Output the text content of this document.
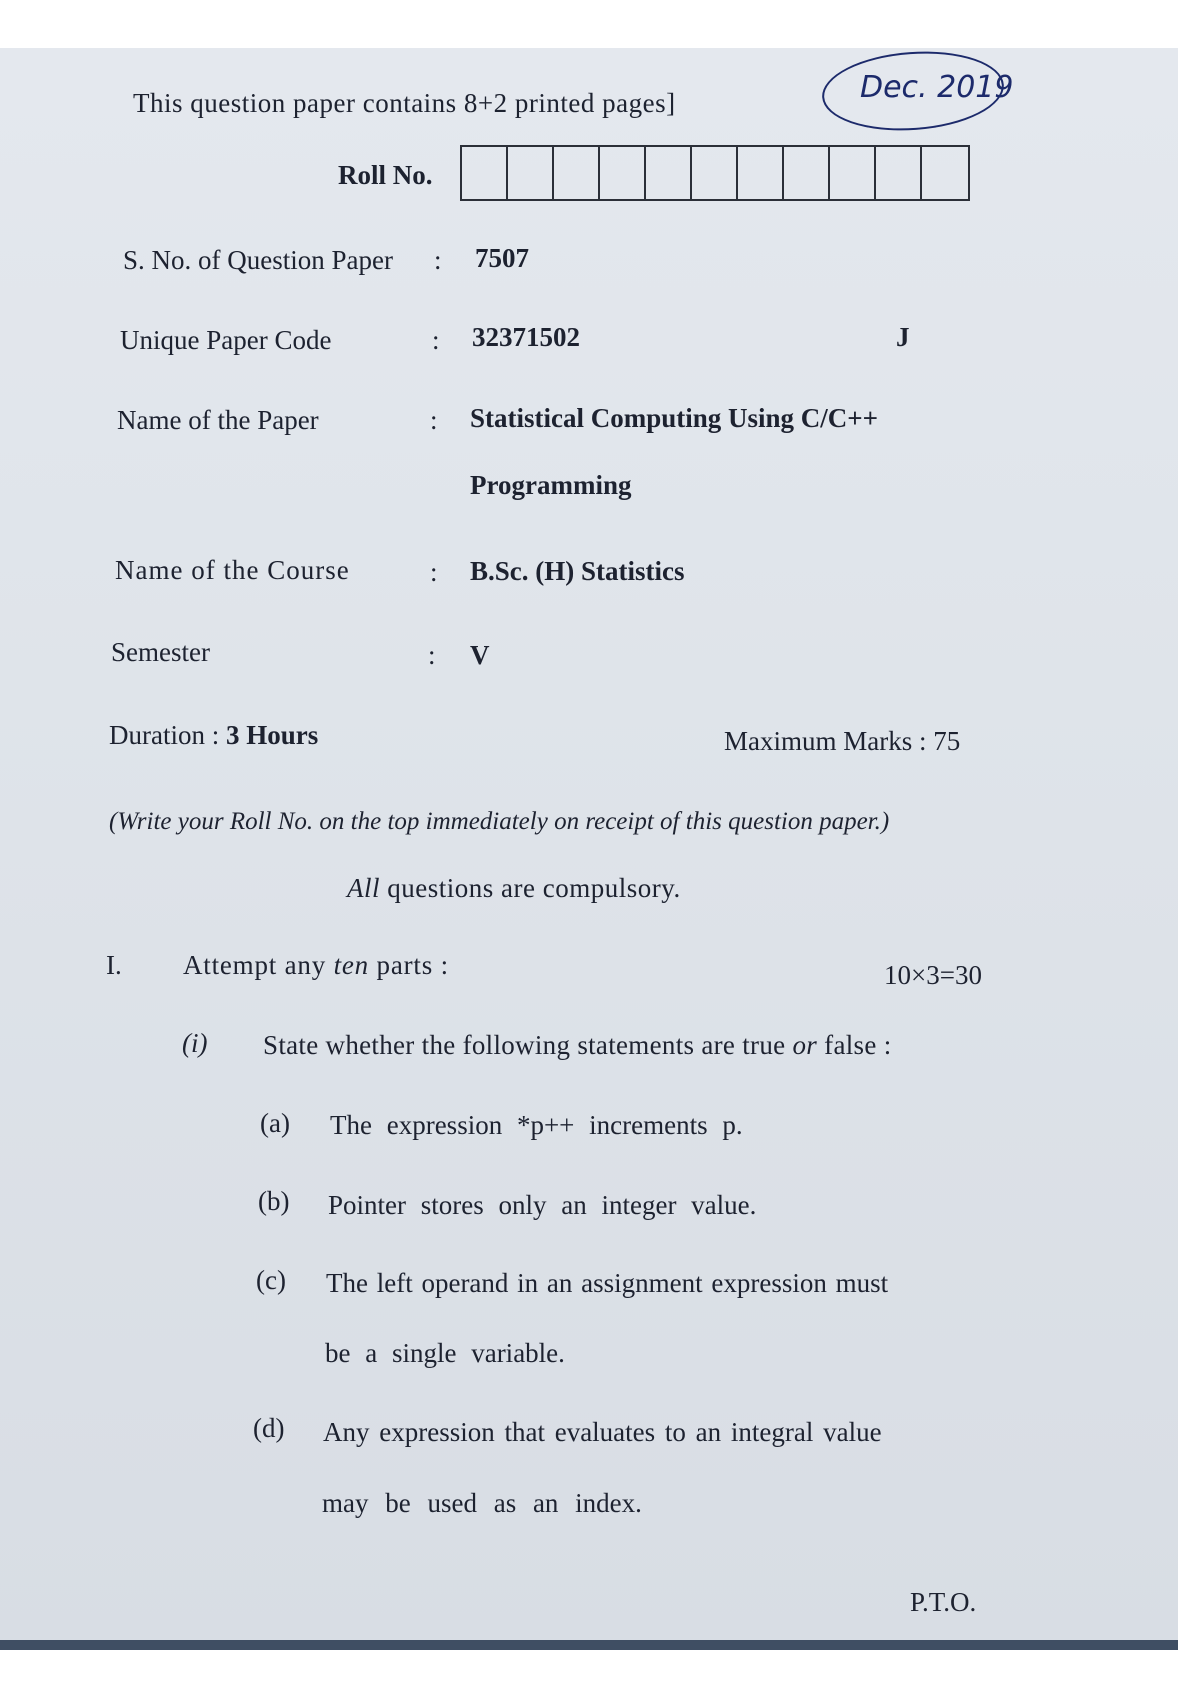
This question paper contains 8+2 printed pages]	Dec. 2019
Roll No.
S. No. of Question Paper : 7507
Unique Paper Code	: 32371502	J
Name of the Paper	: Statistical Computing Using C/C++
Programming
Name of the Course	: B.Sc. (H) Statistics
Semester	: V
Duration : 3 Hours	Maximum Marks : 75
(Write your Roll No. on the top immediately on receipt of this question paper.)
All questions are compulsory.
I. Attempt any ten parts :	10×3=30
(i) State whether the following statements are true or false :
(a) The expression *p++ increments p.
(b) Pointer stores only an integer value.
(c) The left operand in an assignment expression must
be a single variable.
(d) Any expression that evaluates to an integral value
may be used as an index.
P.T.O.
